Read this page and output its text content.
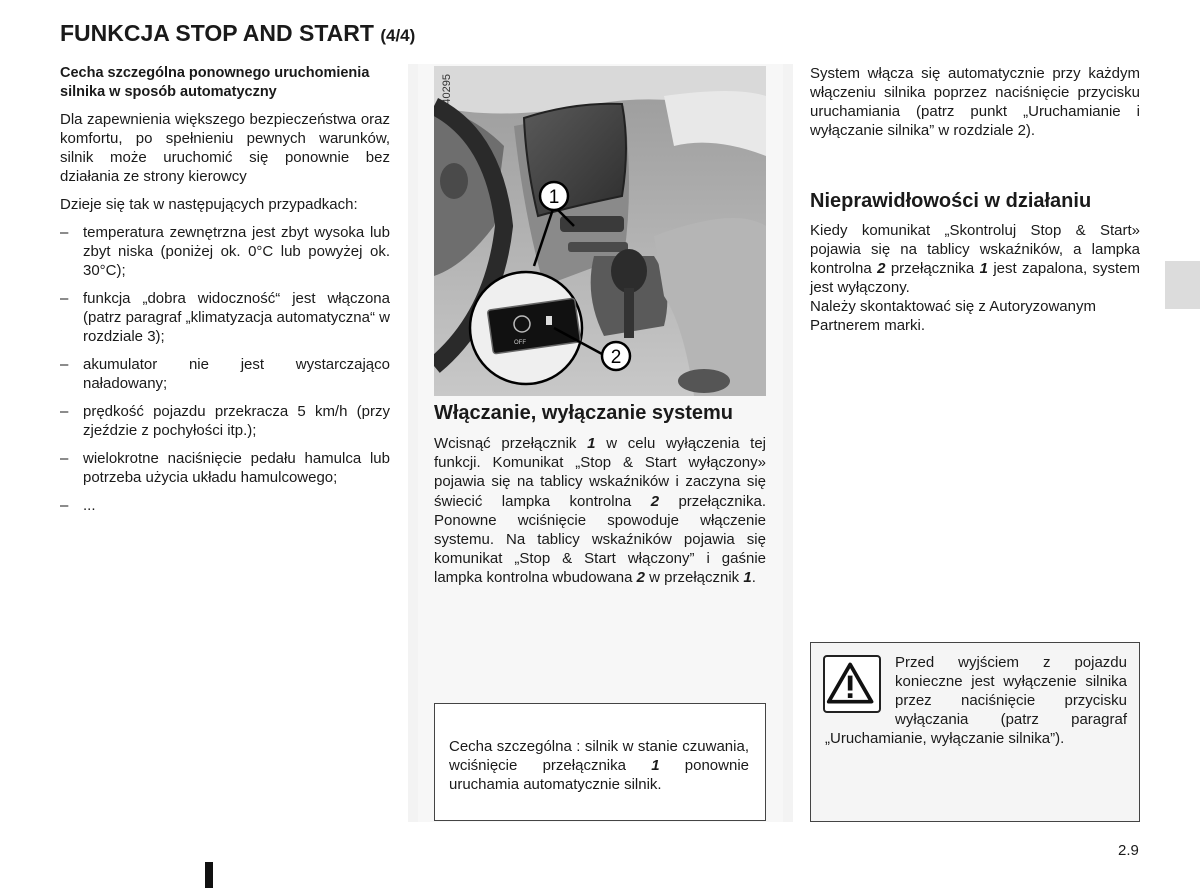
FUNKCJA STOP AND START (4/4)

Cecha szczególna ponownego uruchomienia silnika w sposób automatyczny

Dla zapewnienia większego bezpieczeństwa oraz komfortu, po spełnieniu pewnych warunków, silnik może uruchomić się ponownie bez działania ze strony kierowcy

Dzieje się tak w następujących przypadkach:

– temperatura zewnętrzna jest zbyt wysoka lub zbyt niska (poniżej ok. 0°C lub powyżej ok. 30°C);
– funkcja „dobra widoczność“ jest włączona (patrz paragraf „klimatyzacja automatyczna“ w rozdziale 3);
– akumulator nie jest wystarczająco naładowany;
– prędkość pojazdu przekracza 5 km/h (przy zjeździe z pochyłości itp.);
– wielokrotne naciśnięcie pedału hamulca lub potrzeba użycia układu hamulcowego;
– ...
OFF
1
2
40295
Włączanie, wyłączanie systemu
Wcisnąć przełącznik 1 w celu wyłączenia tej funkcji. Komunikat „Stop & Start wyłączony» pojawia się na tablicy wskaźników i zaczyna się świecić lampka kontrolna 2 przełącznika. Ponowne wciśnięcie spowoduje włączenie systemu. Na tablicy wskaźników pojawia się komunikat „Stop & Start włączony” i gaśnie lampka kontrolna wbudowana 2 w przełącznik 1.
Cecha szczególna : silnik w stanie czuwania, wciśnięcie przełącznika 1 ponownie uruchamia automatycznie silnik.

System włącza się automatycznie przy każdym włączeniu silnika poprzez naciśnięcie przycisku uruchamiania (patrz punkt „Uruchamianie i wyłączanie silnika” w rozdziale 2).

Nieprawidłowości w działaniu
Kiedy komunikat „Skontroluj Stop & Start» pojawia się na tablicy wskaźników, a lampka kontrolna 2 przełącznika 1 jest zapalona, system jest wyłączony.
Należy skontaktować się z Autoryzowanym Partnerem marki.
Przed wyjściem z pojazdu konieczne jest wyłączenie silnika przez naciśnięcie przycisku wyłączania (patrz paragraf „Uruchamianie, wyłączanie silnika”).
2.9
